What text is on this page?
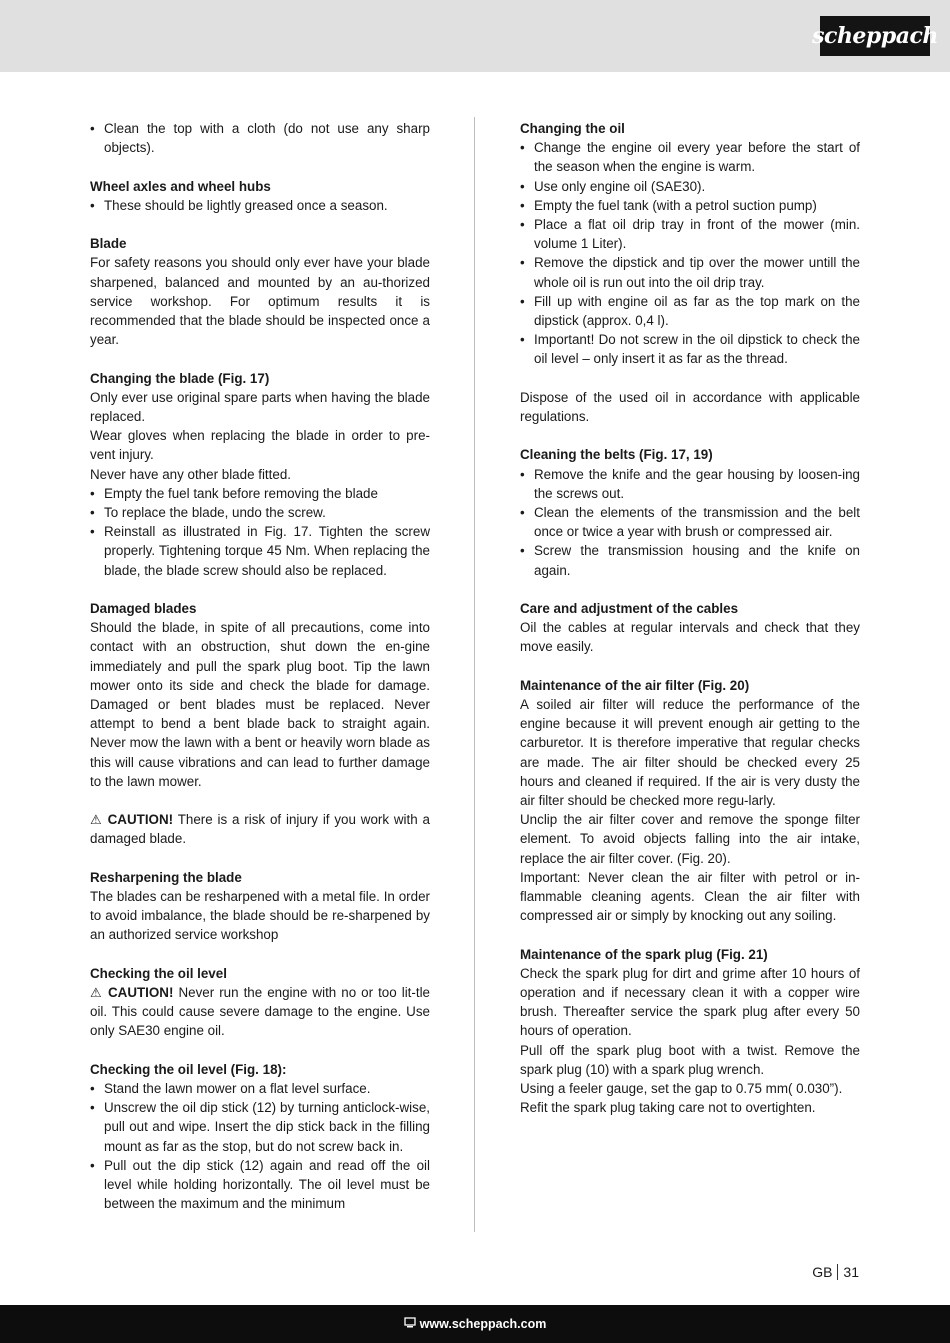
scheppach
• Clean the top with a cloth (do not use any sharp objects).

Wheel axles and wheel hubs

• These should be lightly greased once a season.

Blade

For safety reasons you should only ever have your blade sharpened, balanced and mounted by an au-thorized service workshop. For optimum results it is recommended that the blade should be inspected once a year.

Changing the blade (Fig. 17)

Only ever use original spare parts when having the blade replaced.

Wear gloves when replacing the blade in order to pre-vent injury.

Never have any other blade fitted.

• Empty the fuel tank before removing the blade
• To replace the blade, undo the screw.
• Reinstall as illustrated in Fig. 17. Tighten the screw properly. Tightening torque 45 Nm. When replacing the blade, the blade screw should also be replaced.

Damaged blades

Should the blade, in spite of all precautions, come into contact with an obstruction, shut down the en-gine immediately and pull the spark plug boot. Tip the lawn mower onto its side and check the blade for damage. Damaged or bent blades must be replaced. Never attempt to bend a bent blade back to straight again. Never mow the lawn with a bent or heavily worn blade as this will cause vibrations and can lead to further damage to the lawn mower.

⚠ CAUTION! There is a risk of injury if you work with a damaged blade.

Resharpening the blade

The blades can be resharpened with a metal file. In order to avoid imbalance, the blade should be re-sharpened by an authorized service workshop

Checking the oil level

⚠ CAUTION! Never run the engine with no or too lit-tle oil. This could cause severe damage to the engine. Use only SAE30 engine oil.

Checking the oil level (Fig. 18):

• Stand the lawn mower on a flat level surface.
• Unscrew the oil dip stick (12) by turning anticlock-wise, pull out and wipe. Insert the dip stick back in the filling mount as far as the stop, but do not screw back in.
• Pull out the dip stick (12) again and read off the oil level while holding horizontally. The oil level must be between the maximum and the minimum

Changing the oil

• Change the engine oil every year before the start of the season when the engine is warm.
• Use only engine oil (SAE30).
• Empty the fuel tank (with a petrol suction pump)
• Place a flat oil drip tray in front of the mower (min. volume 1 Liter).
• Remove the dipstick and tip over the mower untill the whole oil is run out into the oil drip tray.
• Fill up with engine oil as far as the top mark on the dipstick (approx. 0,4 l).
• Important! Do not screw in the oil dipstick to check the oil level – only insert it as far as the thread.

Dispose of the used oil in accordance with applicable regulations.

Cleaning the belts (Fig. 17, 19)

• Remove the knife and the gear housing by loosen-ing the screws out.
• Clean the elements of the transmission and the belt once or twice a year with brush or compressed air.
• Screw the transmission housing and the knife on again.

Care and adjustment of the cables

Oil the cables at regular intervals and check that they move easily.

Maintenance of the air filter (Fig. 20)

A soiled air filter will reduce the performance of the engine because it will prevent enough air getting to the carburetor. It is therefore imperative that regular checks are made. The air filter should be checked every 25 hours and cleaned if required. If the air is very dusty the air filter should be checked more regu-larly.

Unclip the air filter cover and remove the sponge filter element. To avoid objects falling into the air intake, replace the air filter cover. (Fig. 20).

Important: Never clean the air filter with petrol or in-flammable cleaning agents. Clean the air filter with compressed air or simply by knocking out any soiling.

Maintenance of the spark plug (Fig. 21)

Check the spark plug for dirt and grime after 10 hours of operation and if necessary clean it with a copper wire brush. Thereafter service the spark plug after every 50 hours of operation.

Pull off the spark plug boot with a twist. Remove the spark plug (10) with a spark plug wrench.

Using a feeler gauge, set the gap to 0.75 mm( 0.030”).

Refit the spark plug taking care not to overtighten.

GB 31
www.scheppach.com
